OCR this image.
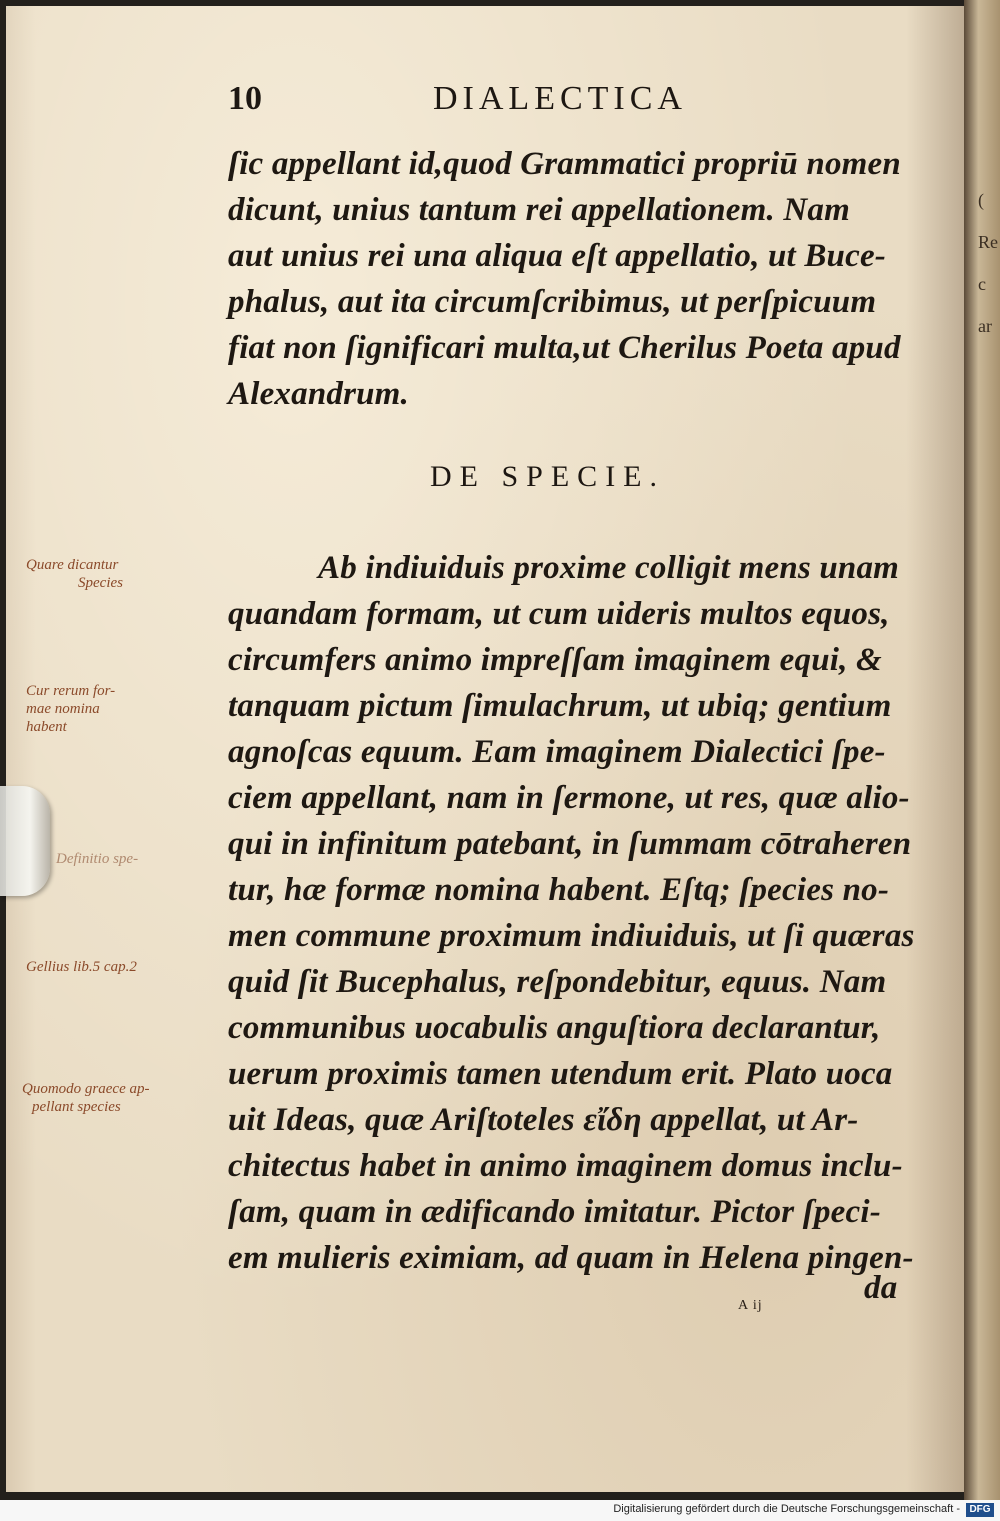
(
Re
c
ar
10	DIALECTICA
ſic appellant id,quod Grammatici propriū nomen
dicunt, unius tantum rei appellationem. Nam
aut unius rei una aliqua eſt appellatio, ut Buce-
phalus, aut ita circumſcribimus, ut perſpicuum
fiat non ſignificari multa,ut Cherilus Poeta apud
Alexandrum.
DE SPECIE.
Ab indiuiduis proxime colligit mens unam
quandam formam, ut cum uideris multos equos,
circumfers animo impreſſam imaginem equi, &
tanquam pictum ſimulachrum, ut ubiq; gentium
agnoſcas equum. Eam imaginem Dialectici ſpe-
ciem appellant, nam in ſermone, ut res, quæ alio-
qui in infinitum patebant, in ſummam cōtraheren
tur, hæ formæ nomina habent. Eſtq; ſpecies no-
men commune proximum indiuiduis, ut ſi quæras
quid ſit Bucephalus, reſpondebitur, equus. Nam
communibus uocabulis anguſtiora declarantur,
uerum proximis tamen utendum erit. Plato uoca
uit Ideas, quæ Ariſtoteles εἴδη appellat, ut Ar-
chitectus habet in animo imaginem domus inclu-
ſam, quam in ædificando imitatur. Pictor ſpeci-
em mulieris eximiam, ad quam in Helena pingen-
da
A ij
Quare dicantur
Species
Cur rerum for-
mae nomina
habent
Definitio spe-
Gellius lib.5 cap.2
Quomodo graece ap-
pellant species
Digitalisierung gefördert durch die Deutsche Forschungsgemeinschaft - DFG
